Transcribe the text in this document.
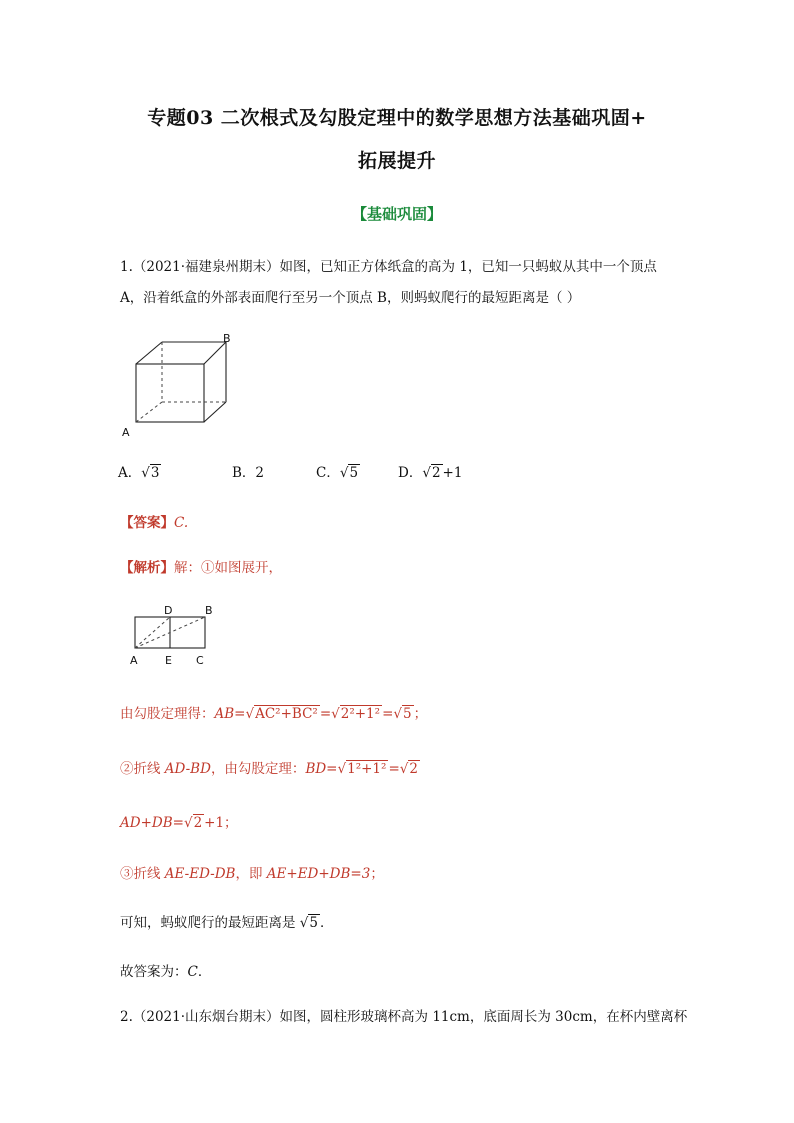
专题03 二次根式及勾股定理中的数学思想方法基础巩固+
拓展提升
【基础巩固】
1.（2021·福建泉州期末）如图，已知正方体纸盒的高为 1，已知一只蚂蚁从其中一个顶点
A，沿着纸盒的外部表面爬行至另一个顶点 B，则蚂蚁爬行的最短距离是（ ）
A
B
A．√3	B．2	C．√5	D．√2 +1
【答案】C.
【解析】解：①如图展开，
D	B
A E C
由勾股定理得：AB=√AC²+BC² =√2²+1² =√5 ；
②折线 AD-BD，由勾股定理：BD=√1²+1² =√2
AD+DB=√2 +1；
③折线 AE-ED-DB，即 AE+ED+DB=3；
可知，蚂蚁爬行的最短距离是 √5 ．
故答案为：C．
2.（2021·山东烟台期末）如图，圆柱形玻璃杯高为 11cm，底面周长为 30cm，在杯内壁离杯
